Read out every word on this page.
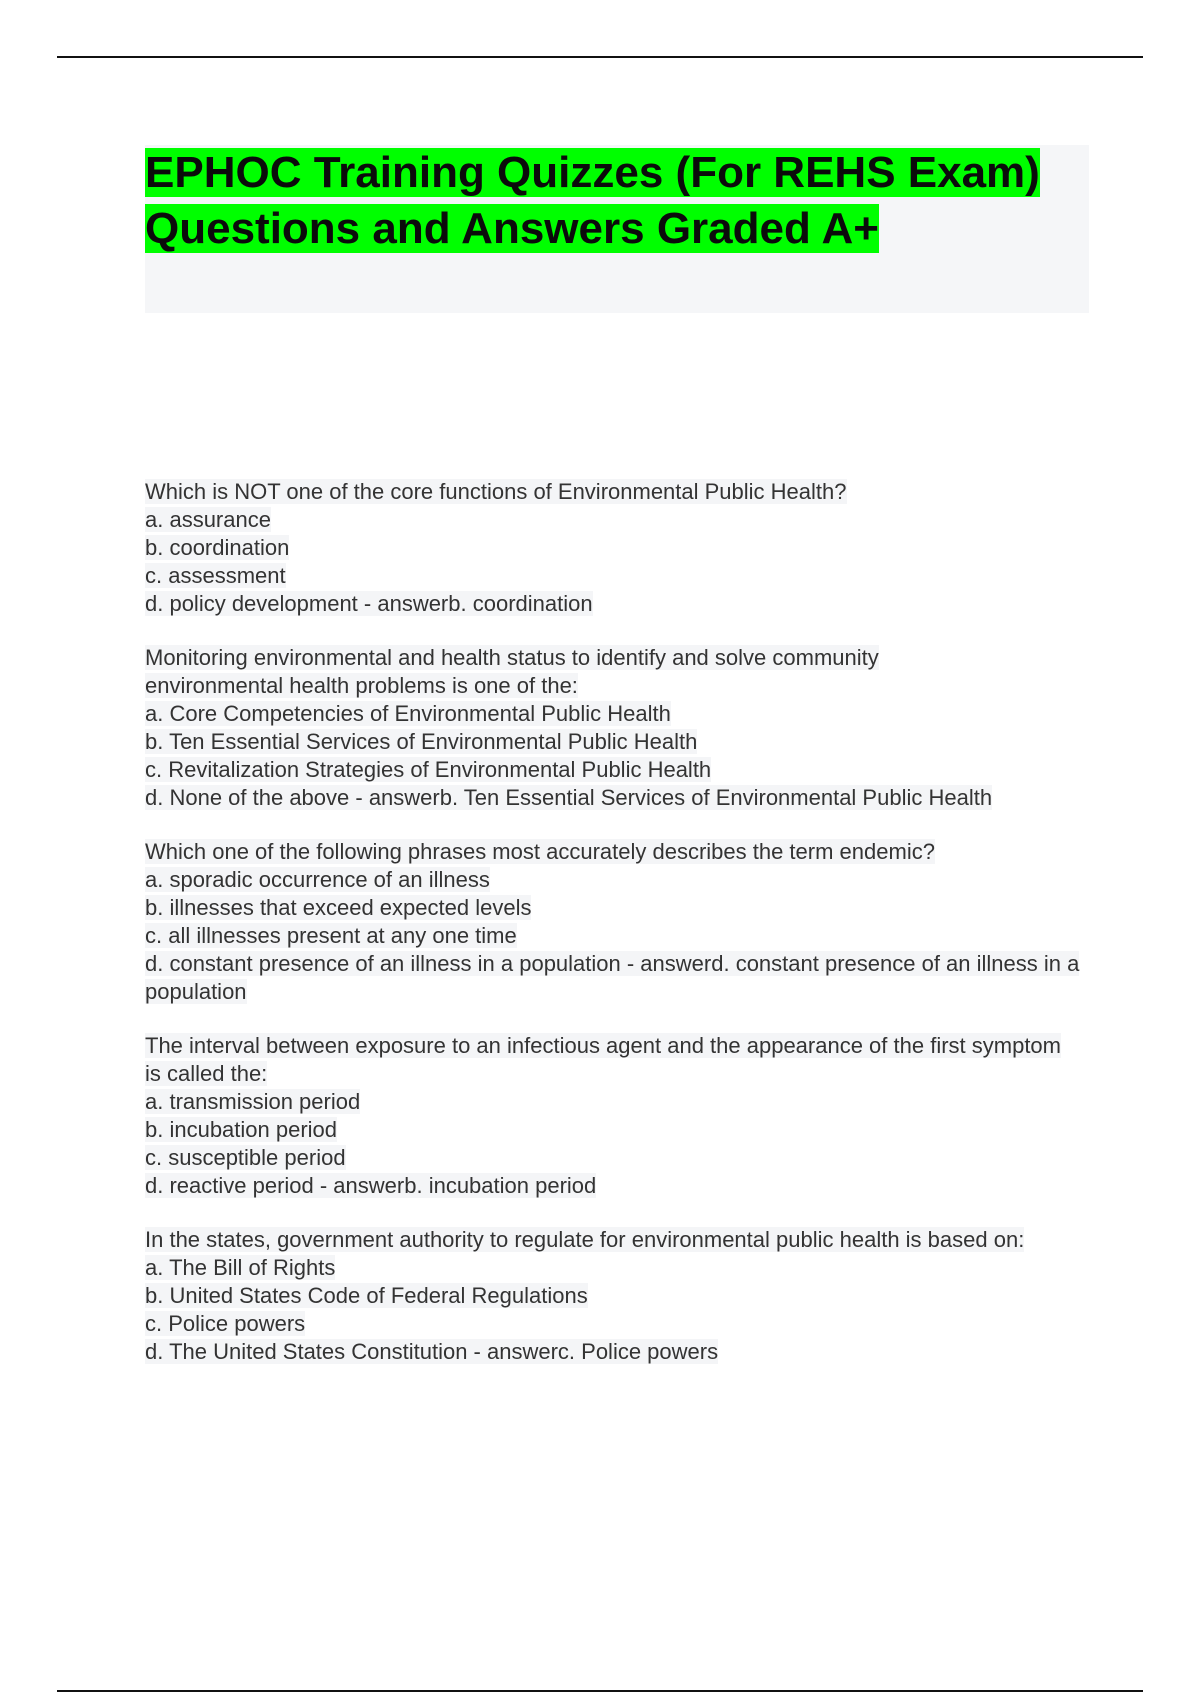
EPHOC Training Quizzes (For REHS Exam) Questions and Answers Graded A+
Which is NOT one of the core functions of Environmental Public Health?
a. assurance
b. coordination
c. assessment
d. policy development - answerb. coordination
Monitoring environmental and health status to identify and solve community environmental health problems is one of the:
a. Core Competencies of Environmental Public Health
b. Ten Essential Services of Environmental Public Health
c. Revitalization Strategies of Environmental Public Health
d. None of the above - answerb. Ten Essential Services of Environmental Public Health
Which one of the following phrases most accurately describes the term endemic?
a. sporadic occurrence of an illness
b. illnesses that exceed expected levels
c. all illnesses present at any one time
d. constant presence of an illness in a population - answerd. constant presence of an illness in a population
The interval between exposure to an infectious agent and the appearance of the first symptom is called the:
a. transmission period
b. incubation period
c. susceptible period
d. reactive period - answerb. incubation period
In the states, government authority to regulate for environmental public health is based on:
a. The Bill of Rights
b. United States Code of Federal Regulations
c. Police powers
d. The United States Constitution - answerc. Police powers
